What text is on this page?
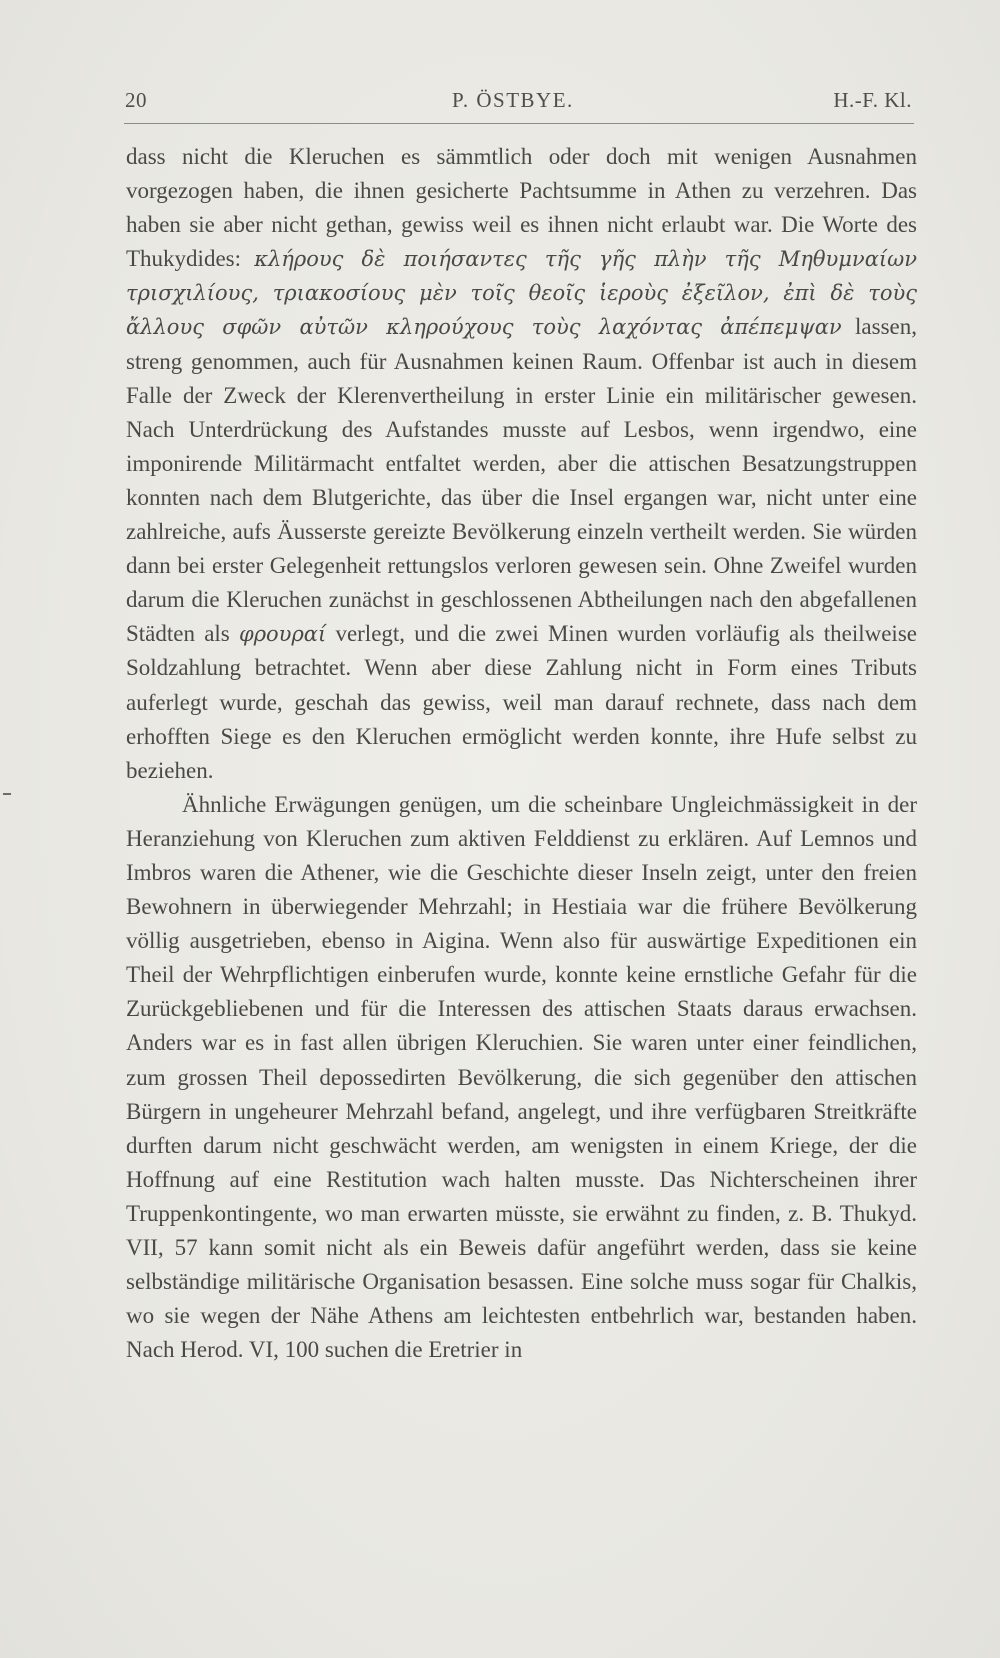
20	P. ÖSTBYE.	H.-F. Kl.

dass nicht die Kleruchen es sämmtlich oder doch mit wenigen Ausnahmen vorgezogen haben, die ihnen gesicherte Pachtsumme in Athen zu verzehren. Das haben sie aber nicht gethan, gewiss weil es ihnen nicht erlaubt war. Die Worte des Thukydides: κλήρους δὲ ποιήσαντες τῆς γῆς πλὴν τῆς Μηθυμναίων τρισχιλίους, τριακοσίους μὲν τοῖς θεοῖς ἱεροὺς ἐξεῖλον, ἐπὶ δὲ τοὺς ἄλλους σφῶν αὐτῶν κληρούχους τοὺς λαχόντας ἀπέπεμψαν lassen, streng genommen, auch für Ausnahmen keinen Raum. Offenbar ist auch in diesem Falle der Zweck der Klerenvertheilung in erster Linie ein militärischer gewesen. Nach Unterdrückung des Aufstandes musste auf Lesbos, wenn irgendwo, eine imponirende Militärmacht entfaltet werden, aber die attischen Besatzungstruppen konnten nach dem Blutgerichte, das über die Insel ergangen war, nicht unter eine zahlreiche, aufs Äusserste gereizte Bevölkerung einzeln vertheilt werden. Sie würden dann bei erster Gelegenheit rettungslos verloren gewesen sein. Ohne Zweifel wurden darum die Kleruchen zunächst in geschlossenen Abtheilungen nach den abgefallenen Städten als φρουραί verlegt, und die zwei Minen wurden vorläufig als theilweise Soldzahlung betrachtet. Wenn aber diese Zahlung nicht in Form eines Tributs auferlegt wurde, geschah das gewiss, weil man darauf rechnete, dass nach dem erhofften Siege es den Kleruchen ermöglicht werden konnte, ihre Hufe selbst zu beziehen.

Ähnliche Erwägungen genügen, um die scheinbare Ungleichmässigkeit in der Heranziehung von Kleruchen zum aktiven Felddienst zu erklären. Auf Lemnos und Imbros waren die Athener, wie die Geschichte dieser Inseln zeigt, unter den freien Bewohnern in überwiegender Mehrzahl; in Hestiaia war die frühere Bevölkerung völlig ausgetrieben, ebenso in Aigina. Wenn also für auswärtige Expeditionen ein Theil der Wehrpflichtigen einberufen wurde, konnte keine ernstliche Gefahr für die Zurückgebliebenen und für die Interessen des attischen Staats daraus erwachsen. Anders war es in fast allen übrigen Kleruchien. Sie waren unter einer feindlichen, zum grossen Theil depossedirten Bevölkerung, die sich gegenüber den attischen Bürgern in ungeheurer Mehrzahl befand, angelegt, und ihre verfügbaren Streitkräfte durften darum nicht geschwächt werden, am wenigsten in einem Kriege, der die Hoffnung auf eine Restitution wach halten musste. Das Nichterscheinen ihrer Truppenkontingente, wo man erwarten müsste, sie erwähnt zu finden, z. B. Thukyd. VII, 57 kann somit nicht als ein Beweis dafür angeführt werden, dass sie keine selbständige militärische Organisation besassen. Eine solche muss sogar für Chalkis, wo sie wegen der Nähe Athens am leichtesten entbehrlich war, bestanden haben. Nach Herod. VI, 100 suchen die Eretrier in
